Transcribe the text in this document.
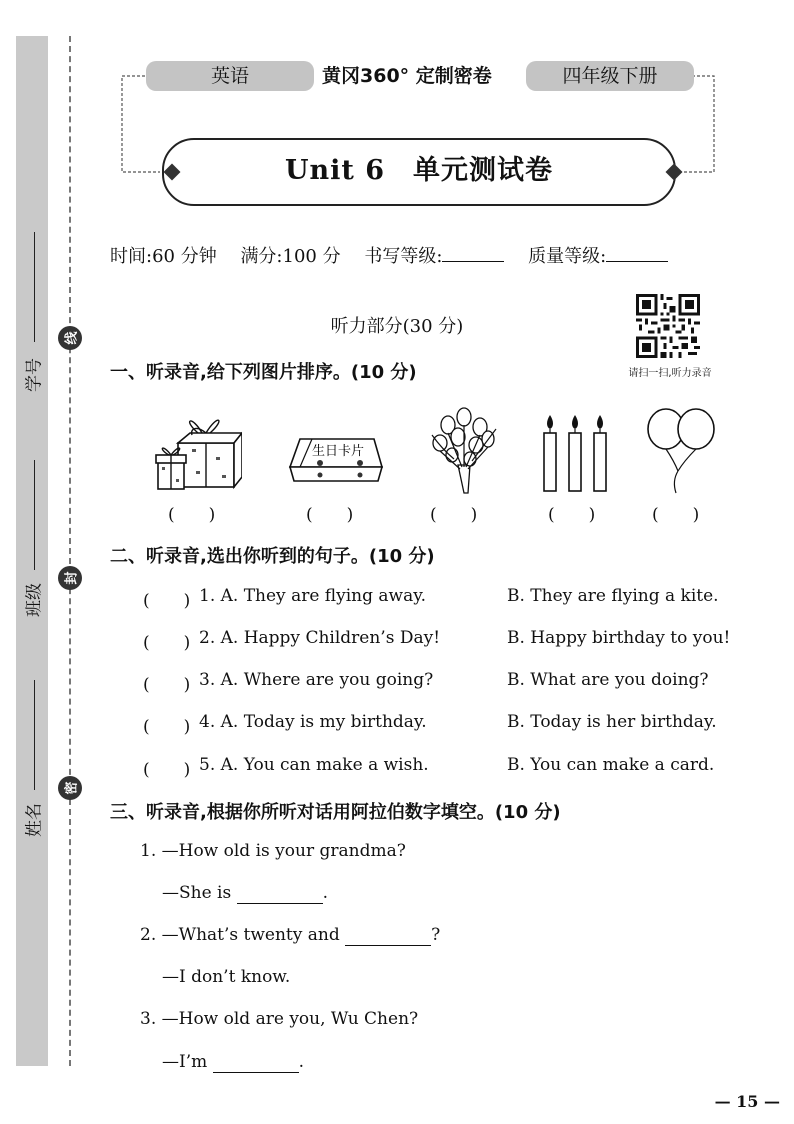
学号
班级
姓名
线
封
密
英语	黄冈360° 定制密卷	四年级下册
Unit 6　单元测试卷
时间:60 分钟 满分:100 分 书写等级:	质量等级:
听力部分(30 分)
请扫一扫,听力录音
一、听录音,给下列图片排序。(10 分)
生日卡片
(　　)	(　　)	(　　)	(　　)	(　　)
二、听录音,选出你听到的句子。(10 分)
(　　) 1. A. They are flying away.	B. They are flying a kite.
(　　) 2. A. Happy Children’s Day!	B. Happy birthday to you!
(　　) 3. A. Where are you going?	B. What are you doing?
(　　) 4. A. Today is my birthday.	B. Today is her birthday.
(　　) 5. A. You can make a wish.	B. You can make a card.
三、听录音,根据你所听对话用阿拉伯数字填空。(10 分)
1. —How old is your grandma?
—She is	.
2. —What’s twenty and	?
—I don’t know.
3. —How old are you, Wu Chen?
—I’m	.
— 15 —
